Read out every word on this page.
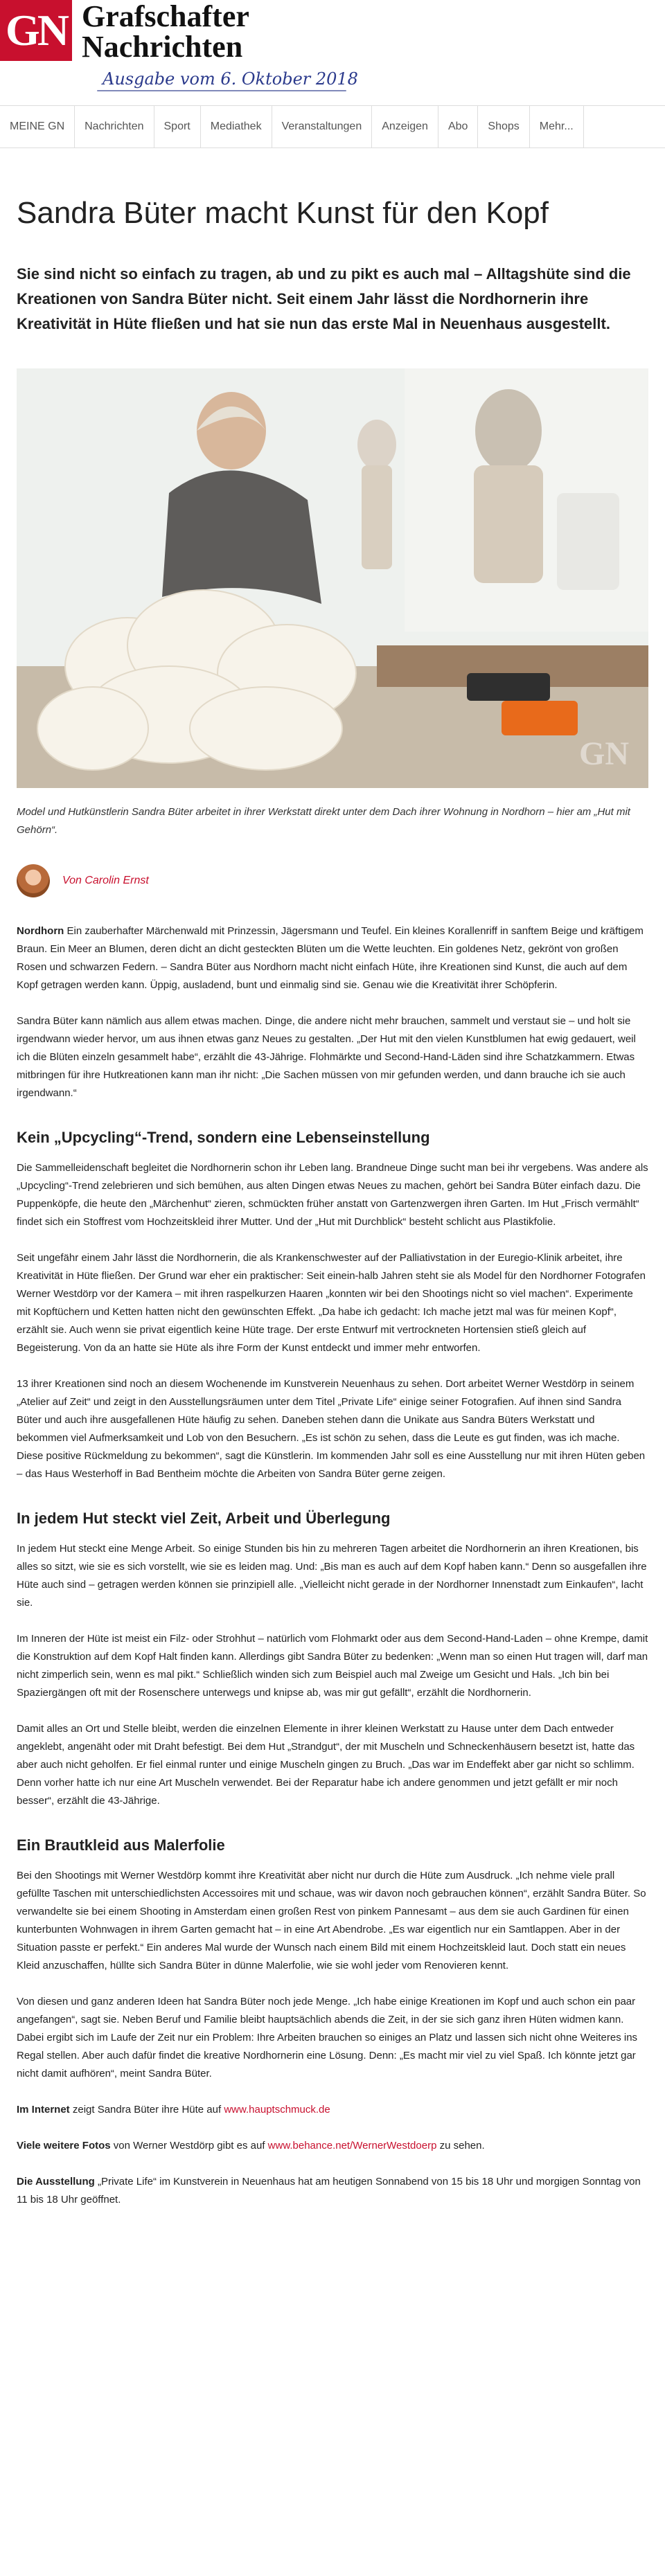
GN Grafschafter
Nachrichten
Ausgabe vom 6. Oktober 2018
MEINE GN	Nachrichten	Sport	Mediathek	Veranstaltungen	Anzeigen	Abo	Shops	Mehr...
Sandra Büter macht Kunst für den Kopf

Sie sind nicht so einfach zu tragen, ab und zu pikt es auch mal – Alltagshüte sind die Kreationen von Sandra Büter nicht. Seit einem Jahr lässt die Nordhornerin ihre Kreativität in Hüte fließen und hat sie nun das erste Mal in Neuenhaus ausgestellt.

GN

Model und Hutkünstlerin Sandra Büter arbeitet in ihrer Werkstatt direkt unter dem Dach ihrer Wohnung in Nordhorn – hier am „Hut mit Gehörn“.

Von Carolin Ernst

Nordhorn Ein zauberhafter Märchenwald mit Prinzessin, Jägersmann und Teufel. Ein kleines Korallenriff in sanftem Beige und kräftigem Braun. Ein Meer an Blumen, deren dicht an dicht gesteckten Blüten um die Wette leuchten. Ein goldenes Netz, gekrönt von großen Rosen und schwarzen Federn. – Sandra Büter aus Nordhorn macht nicht einfach Hüte, ihre Kreationen sind Kunst, die auch auf dem Kopf getragen werden kann. Üppig, ausladend, bunt und einmalig sind sie. Genau wie die Kreativität ihrer Schöpferin.

Sandra Büter kann nämlich aus allem etwas machen. Dinge, die andere nicht mehr brauchen, sammelt und verstaut sie – und holt sie irgendwann wieder hervor, um aus ihnen etwas ganz Neues zu gestalten. „Der Hut mit den vielen Kunstblumen hat ewig gedauert, weil ich die Blüten einzeln gesammelt habe“, erzählt die 43-Jährige. Flohmärkte und Second-Hand-Läden sind ihre Schatzkammern. Etwas mitbringen für ihre Hutkreationen kann man ihr nicht: „Die Sachen müssen von mir gefunden werden, und dann brauche ich sie auch irgendwann.“

Kein „Upcycling“-Trend, sondern eine Lebenseinstellung

Die Sammelleidenschaft begleitet die Nordhornerin schon ihr Leben lang. Brandneue Dinge sucht man bei ihr vergebens. Was andere als „Upcycling“-Trend zelebrieren und sich bemühen, aus alten Dingen etwas Neues zu machen, gehört bei Sandra Büter einfach dazu. Die Puppenköpfe, die heute den „Märchenhut“ zieren, schmückten früher anstatt von Gartenzwergen ihren Garten. Im Hut „Frisch vermählt“ findet sich ein Stoffrest vom Hochzeitskleid ihrer Mutter. Und der „Hut mit Durchblick“ besteht schlicht aus Plastikfolie.

Seit ungefähr einem Jahr lässt die Nordhornerin, die als Krankenschwester auf der Palliativstation in der Euregio-Klinik arbeitet, ihre Kreativität in Hüte fließen. Der Grund war eher ein praktischer: Seit einein-halb Jahren steht sie als Model für den Nordhorner Fotografen Werner Westdörp vor der Kamera – mit ihren raspelkurzen Haaren „konnten wir bei den Shootings nicht so viel machen“. Experimente mit Kopftüchern und Ketten hatten nicht den gewünschten Effekt. „Da habe ich gedacht: Ich mache jetzt mal was für meinen Kopf“, erzählt sie. Auch wenn sie privat eigentlich keine Hüte trage. Der erste Entwurf mit vertrockneten Hortensien stieß gleich auf Begeisterung. Von da an hatte sie Hüte als ihre Form der Kunst entdeckt und immer mehr entworfen.

13 ihrer Kreationen sind noch an diesem Wochenende im Kunstverein Neuenhaus zu sehen. Dort arbeitet Werner Westdörp in seinem „Atelier auf Zeit“ und zeigt in den Ausstellungsräumen unter dem Titel „Private Life“ einige seiner Fotografien. Auf ihnen sind Sandra Büter und auch ihre ausgefallenen Hüte häufig zu sehen. Daneben stehen dann die Unikate aus Sandra Büters Werkstatt und bekommen viel Aufmerksamkeit und Lob von den Besuchern. „Es ist schön zu sehen, dass die Leute es gut finden, was ich mache. Diese positive Rückmeldung zu bekommen“, sagt die Künstlerin. Im kommenden Jahr soll es eine Ausstellung nur mit ihren Hüten geben – das Haus Westerhoff in Bad Bentheim möchte die Arbeiten von Sandra Büter gerne zeigen.

In jedem Hut steckt viel Zeit, Arbeit und Überlegung

In jedem Hut steckt eine Menge Arbeit. So einige Stunden bis hin zu mehreren Tagen arbeitet die Nordhornerin an ihren Kreationen, bis alles so sitzt, wie sie es sich vorstellt, wie sie es leiden mag. Und: „Bis man es auch auf dem Kopf haben kann.“ Denn so ausgefallen ihre Hüte auch sind – getragen werden können sie prinzipiell alle. „Vielleicht nicht gerade in der Nordhorner Innenstadt zum Einkaufen“, lacht sie.

Im Inneren der Hüte ist meist ein Filz- oder Strohhut – natürlich vom Flohmarkt oder aus dem Second-Hand-Laden – ohne Krempe, damit die Konstruktion auf dem Kopf Halt finden kann. Allerdings gibt Sandra Büter zu bedenken: „Wenn man so einen Hut tragen will, darf man nicht zimperlich sein, wenn es mal pikt.“ Schließlich winden sich zum Beispiel auch mal Zweige um Gesicht und Hals. „Ich bin bei Spaziergängen oft mit der Rosenschere unterwegs und knipse ab, was mir gut gefällt“, erzählt die Nordhornerin.

Damit alles an Ort und Stelle bleibt, werden die einzelnen Elemente in ihrer kleinen Werkstatt zu Hause unter dem Dach entweder angeklebt, angenäht oder mit Draht befestigt. Bei dem Hut „Strandgut“, der mit Muscheln und Schneckenhäusern besetzt ist, hatte das aber auch nicht geholfen. Er fiel einmal runter und einige Muscheln gingen zu Bruch. „Das war im Endeffekt aber gar nicht so schlimm. Denn vorher hatte ich nur eine Art Muscheln verwendet. Bei der Reparatur habe ich andere genommen und jetzt gefällt er mir noch besser“, erzählt die 43-Jährige.

Ein Brautkleid aus Malerfolie

Bei den Shootings mit Werner Westdörp kommt ihre Kreativität aber nicht nur durch die Hüte zum Ausdruck. „Ich nehme viele prall gefüllte Taschen mit unterschiedlichsten Accessoires mit und schaue, was wir davon noch gebrauchen können“, erzählt Sandra Büter. So verwandelte sie bei einem Shooting in Amsterdam einen großen Rest von pinkem Pannesamt – aus dem sie auch Gardinen für einen kunterbunten Wohnwagen in ihrem Garten gemacht hat – in eine Art Abendrobe. „Es war eigentlich nur ein Samtlappen. Aber in der Situation passte er perfekt.“ Ein anderes Mal wurde der Wunsch nach einem Bild mit einem Hochzeitskleid laut. Doch statt ein neues Kleid anzuschaffen, hüllte sich Sandra Büter in dünne Malerfolie, wie sie wohl jeder vom Renovieren kennt.

Von diesen und ganz anderen Ideen hat Sandra Büter noch jede Menge. „Ich habe einige Kreationen im Kopf und auch schon ein paar angefangen“, sagt sie. Neben Beruf und Familie bleibt hauptsächlich abends die Zeit, in der sie sich ganz ihren Hüten widmen kann. Dabei ergibt sich im Laufe der Zeit nur ein Problem: Ihre Arbeiten brauchen so einiges an Platz und lassen sich nicht ohne Weiteres ins Regal stellen. Aber auch dafür findet die kreative Nordhornerin eine Lösung. Denn: „Es macht mir viel zu viel Spaß. Ich könnte jetzt gar nicht damit aufhören“, meint Sandra Büter.

Im Internet zeigt Sandra Büter ihre Hüte auf www.hauptschmuck.de

Viele weitere Fotos von Werner Westdörp gibt es auf www.behance.net/WernerWestdoerp zu sehen.

Die Ausstellung „Private Life“ im Kunstverein in Neuenhaus hat am heutigen Sonnabend von 15 bis 18 Uhr und morgigen Sonntag von 11 bis 18 Uhr geöffnet.
